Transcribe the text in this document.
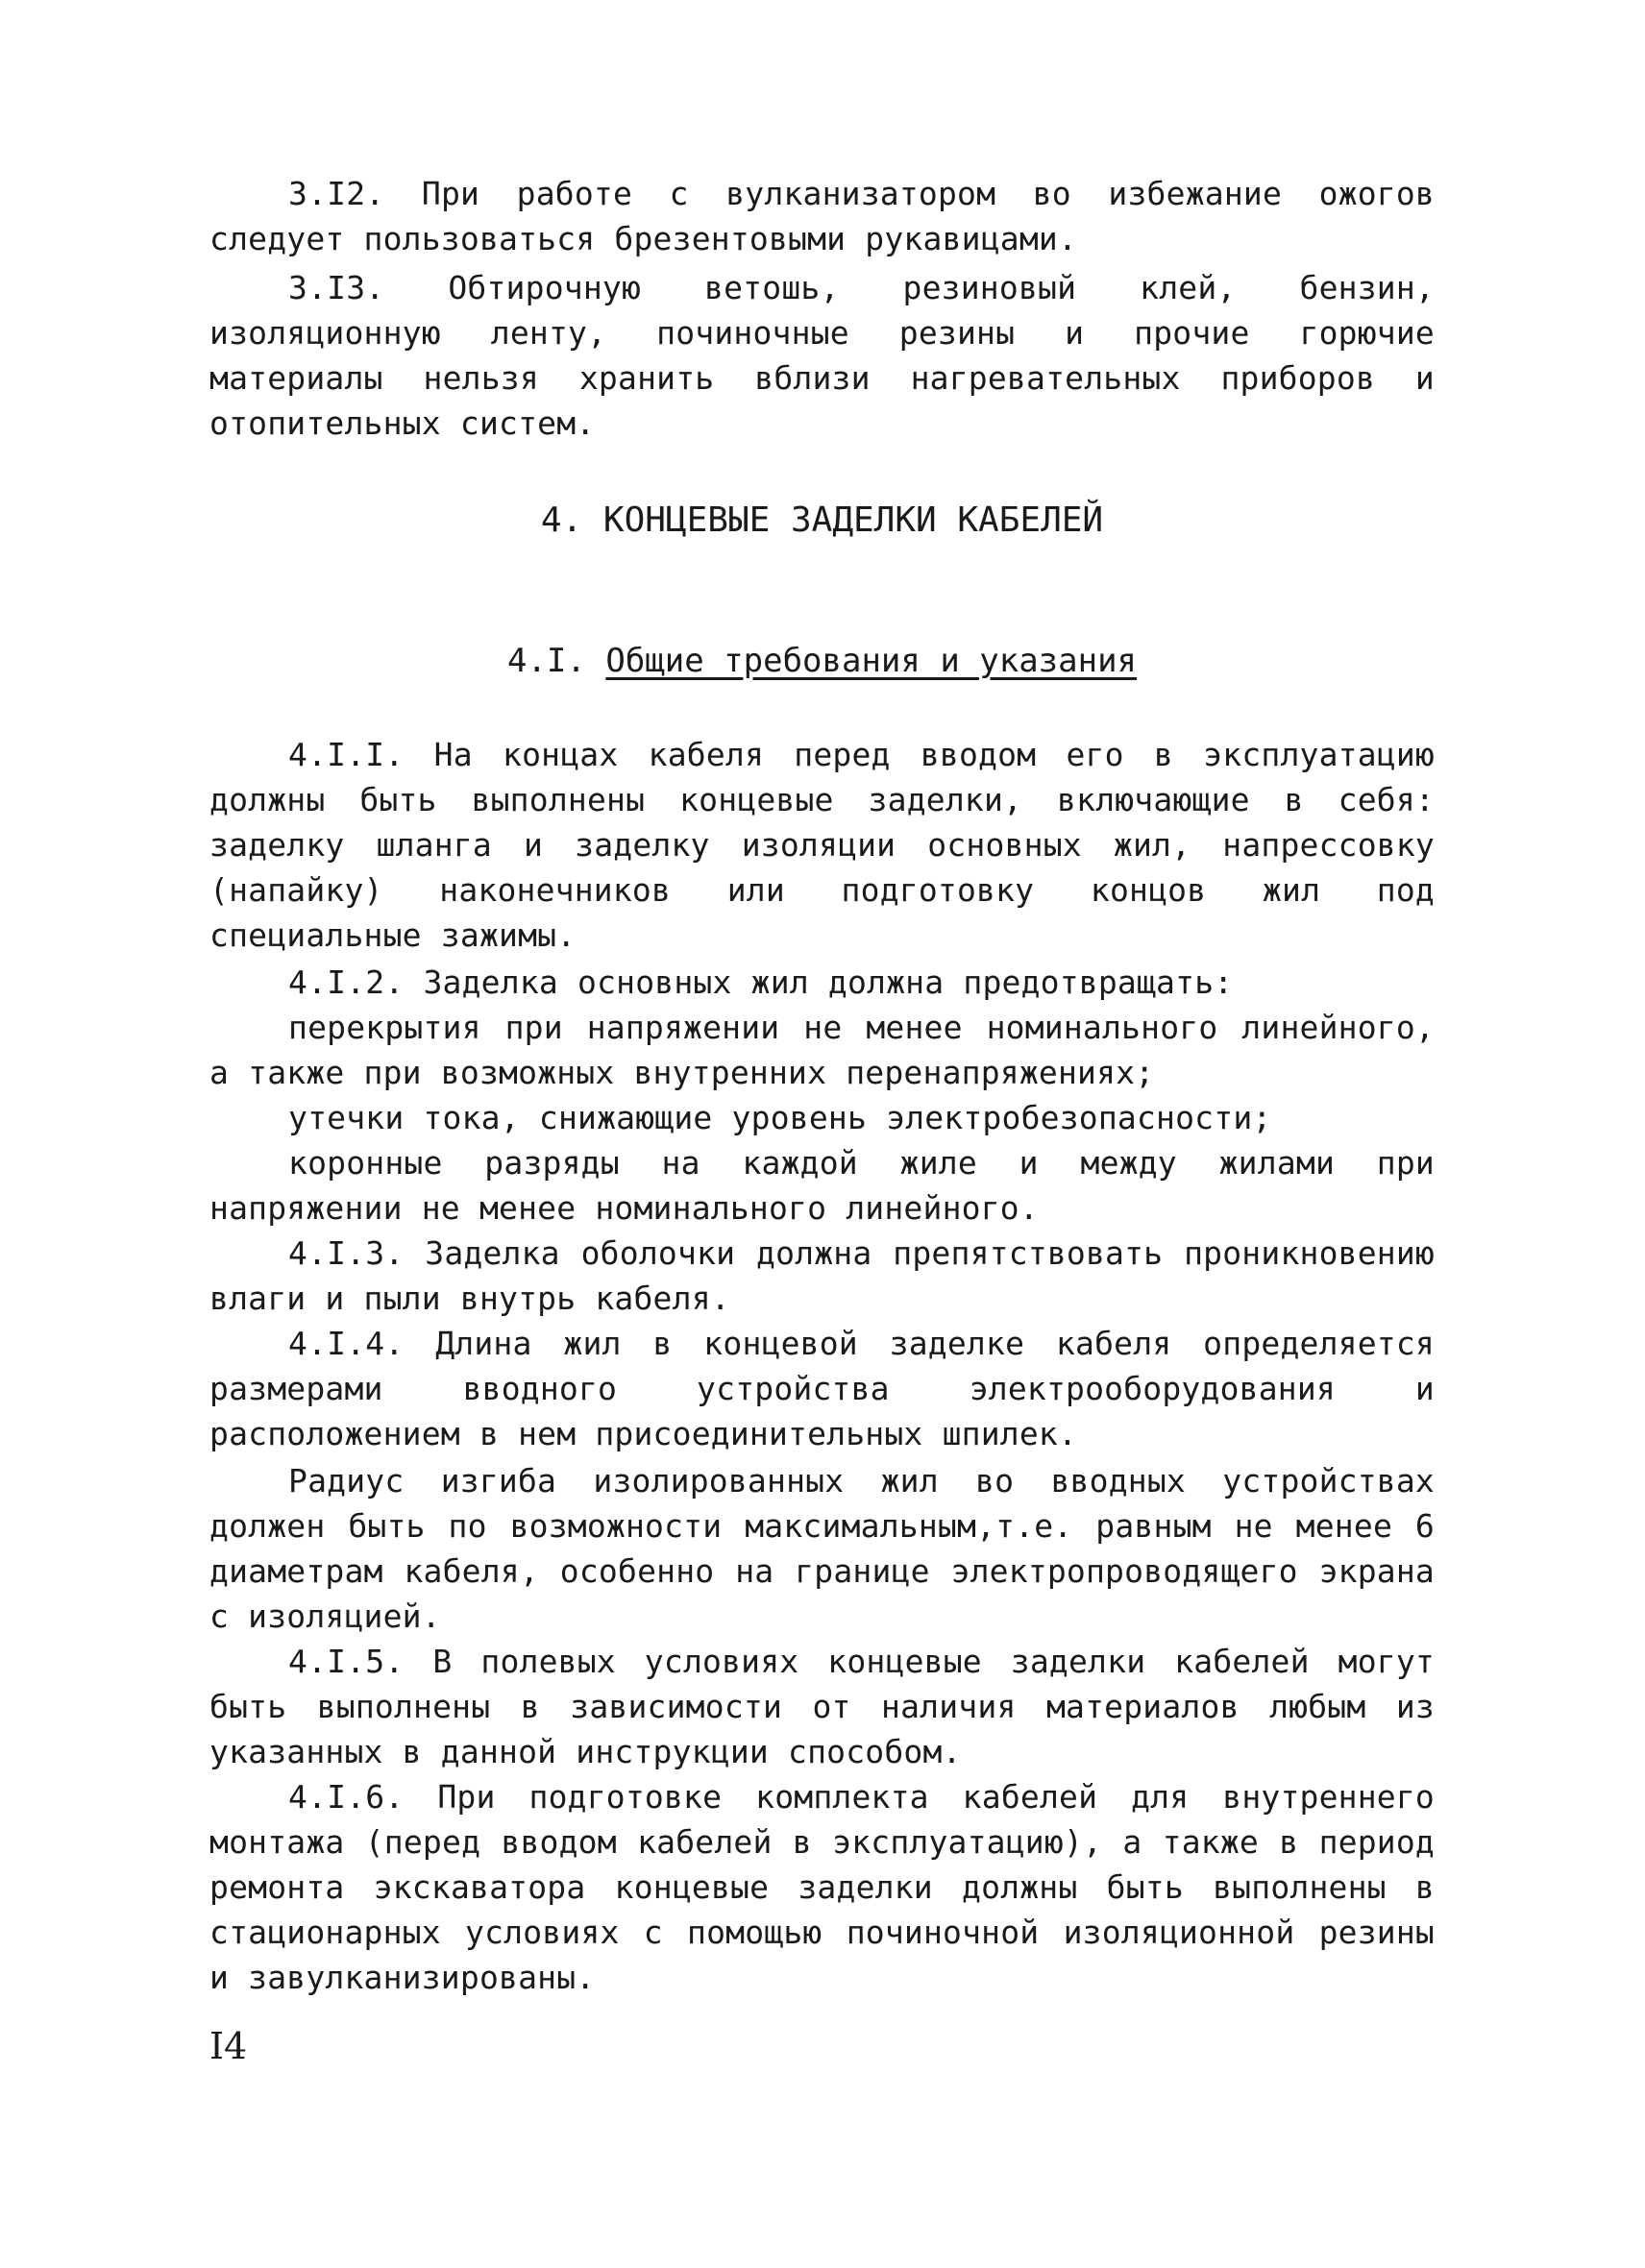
3.I2. При работе с вулканизатором во избежание ожогов следует пользоваться брезентовыми рукавицами.

3.I3. Обтирочную ветошь, резиновый клей, бензин, изоляционную ленту, починочные резины и прочие горючие материалы нельзя хранить вблизи нагревательных приборов и отопительных систем.

4. КОНЦЕВЫЕ ЗАДЕЛКИ КАБЕЛЕЙ
4.I. Общие требования и указания

4.I.I. На концах кабеля перед вводом его в эксплуатацию должны быть выполнены концевые заделки, включающие в себя: заделку шланга и заделку изоляции основных жил, напрессовку (напайку) наконечников или подготовку концов жил под специальные зажимы.

4.I.2. Заделка основных жил должна предотвращать:

перекрытия при напряжении не менее номинального линейного, а также при возможных внутренних перенапряжениях;

утечки тока, снижающие уровень электробезопасности;

коронные разряды на каждой жиле и между жилами при напряжении не менее номинального линейного.

4.I.3. Заделка оболочки должна препятствовать проникновению влаги и пыли внутрь кабеля.

4.I.4. Длина жил в концевой заделке кабеля определяется размерами вводного устройства электрооборудования и расположением в нем присоединительных шпилек.

Радиус изгиба изолированных жил во вводных устройствах должен быть по возможности максимальным,т.е. равным не менее 6 диаметрам кабеля, особенно на границе электропроводящего экрана с изоляцией.

4.I.5. В полевых условиях концевые заделки кабелей могут быть выполнены в зависимости от наличия материалов любым из указанных в данной инструкции способом.

4.I.6. При подготовке комплекта кабелей для внутреннего монтажа (перед вводом кабелей в эксплуатацию), а также в период ремонта экскаватора концевые заделки должны быть выполнены в стационарных условиях с помощью починочной изоляционной резины и завулканизированы.

I4
